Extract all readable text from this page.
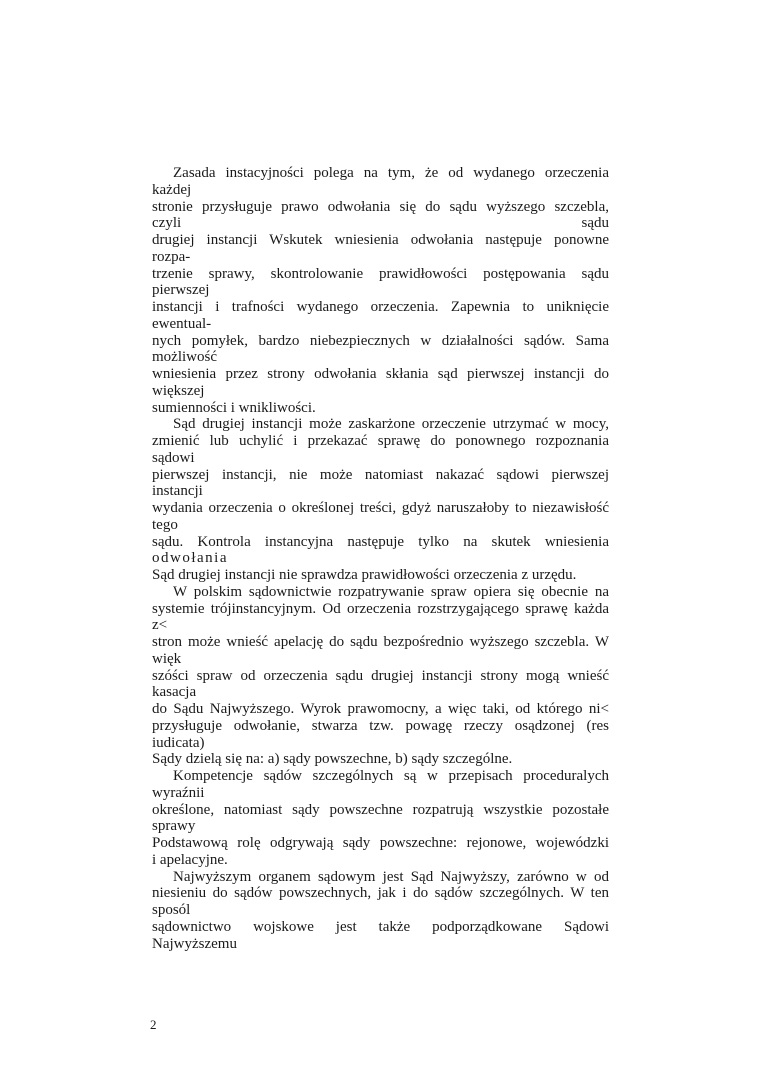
Zasada instacyjności polega na tym, że od wydanego orzeczenia
każdej
stronie przysługuje prawo odwołania się do sądu wyższego szczebla,
czyli sądu
drugiej instancji Wskutek wniesienia odwołania następuje ponowne
rozpa-
trzenie sprawy, skontrolowanie prawidłowości postępowania sądu
pierwszej
instancji i trafności wydanego orzeczenia. Zapewnia to uniknięcie
ewentual-
nych pomyłek, bardzo niebezpiecznych w działalności sądów. Sama
możliwość
wniesienia przez strony odwołania skłania sąd pierwszej instancji do
większej
sumienności i wnikliwości.
Sąd drugiej instancji może zaskarżone orzeczenie utrzymać w mocy,
zmienić lub uchylić i przekazać sprawę do ponownego rozpoznania
sądowi
pierwszej instancji, nie może natomiast nakazać sądowi pierwszej
instancji
wydania orzeczenia o określonej treści, gdyż naruszałoby to niezawisłość
tego
sądu. Kontrola instancyjna następuje tylko na skutek wniesienia
odwołania
Sąd drugiej instancji nie sprawdza prawidłowości orzeczenia z urzędu.
W polskim sądownictwie rozpatrywanie spraw opiera się obecnie na
systemie trójinstancyjnym. Od orzeczenia rozstrzygającego sprawę każda
z<
stron może wnieść apelację do sądu bezpośrednio wyższego szczebla. W
więk
szóści spraw od orzeczenia sądu drugiej instancji strony mogą wnieść
kasacja
do Sądu Najwyższego. Wyrok prawomocny, a więc taki, od którego ni<
przysługuje odwołanie, stwarza tzw. powagę rzeczy osądzonej (res
iudicata)
Sądy dzielą się na: a) sądy powszechne, b) sądy szczególne.
Kompetencje sądów szczególnych są w przepisach proceduralych
wyraźnii
określone, natomiast sądy powszechne rozpatrują wszystkie pozostałe
sprawy
Podstawową rolę odgrywają sądy powszechne: rejonowe, wojewódzki
i apelacyjne.
Najwyższym organem sądowym jest Sąd Najwyższy, zarówno w od
niesieniu do sądów powszechnych, jak i do sądów szczególnych. W ten
sposól
sądownictwo wojskowe jest także podporządkowane Sądowi
Najwyższemu
2
